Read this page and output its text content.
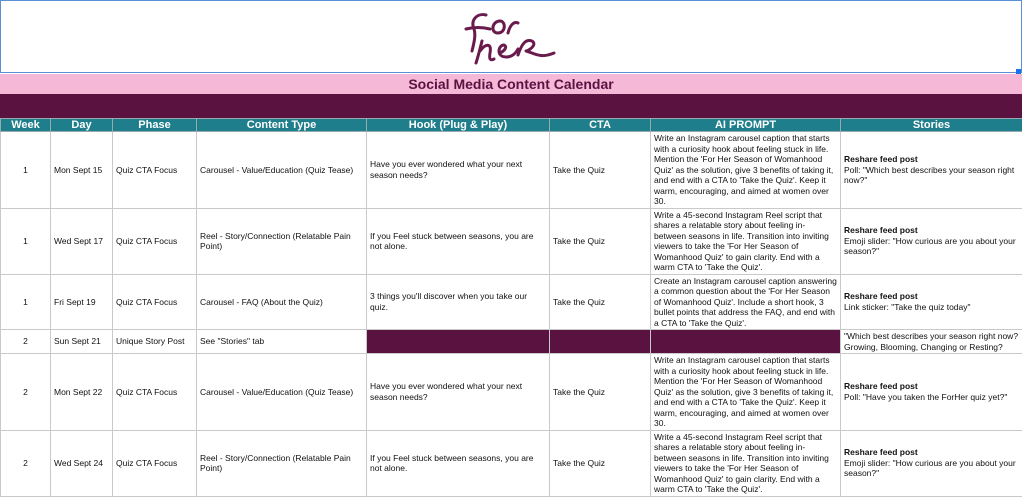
Social Media Content Calendar
Week	Day	Phase	Content Type	Hook (Plug & Play)	CTA	AI PROMPT	Stories
1	Mon Sept 15	Quiz CTA Focus	Carousel - Value/Education (Quiz Tease)	Have you ever wondered what your next season needs?	Take the Quiz	Write an Instagram carousel caption that starts with a curiosity hook about feeling stuck in life. Mention the 'For Her Season of Womanhood Quiz' as the solution, give 3 benefits of taking it, and end with a CTA to 'Take the Quiz'. Keep it warm, encouraging, and aimed at women over 30.	Reshare feed post
Poll: "Which best describes your season right now?"

1	Wed Sept 17	Quiz CTA Focus	Reel - Story/Connection (Relatable Pain Point)	If you Feel stuck between seasons, you are not alone.	Take the Quiz	Write a 45-second Instagram Reel script that shares a relatable story about feeling in-between seasons in life. Transition into inviting viewers to take the 'For Her Season of Womanhood Quiz' to gain clarity. End with a warm CTA to 'Take the Quiz'.	Reshare feed post
Emoji slider: "How curious are you about your season?"

1	Fri Sept 19	Quiz CTA Focus	Carousel - FAQ (About the Quiz)	3 things you'll discover when you take our quiz.	Take the Quiz	Create an Instagram carousel caption answering a common question about the 'For Her Season of Womanhood Quiz'. Include a short hook, 3 bullet points that address the FAQ, and end with a CTA to 'Take the Quiz'.	Reshare feed post
Link sticker: "Take the quiz today"

2	Sun Sept 21	Unique Story Post	See "Stories" tab				"Which best describes your season right now? Growing, Blooming, Changing or Resting?

2	Mon Sept 22	Quiz CTA Focus	Carousel - Value/Education (Quiz Tease)	Have you ever wondered what your next season needs?	Take the Quiz	Write an Instagram carousel caption that starts with a curiosity hook about feeling stuck in life. Mention the 'For Her Season of Womanhood Quiz' as the solution, give 3 benefits of taking it, and end with a CTA to 'Take the Quiz'. Keep it warm, encouraging, and aimed at women over 30.	Reshare feed post
Poll: "Have you taken the ForHer quiz yet?"

2	Wed Sept 24	Quiz CTA Focus	Reel - Story/Connection (Relatable Pain Point)	If you Feel stuck between seasons, you are not alone.	Take the Quiz	Write a 45-second Instagram Reel script that shares a relatable story about feeling in-between seasons in life. Transition into inviting viewers to take the 'For Her Season of Womanhood Quiz' to gain clarity. End with a warm CTA to 'Take the Quiz'.	Reshare feed post
Emoji slider: "How curious are you about your season?"
